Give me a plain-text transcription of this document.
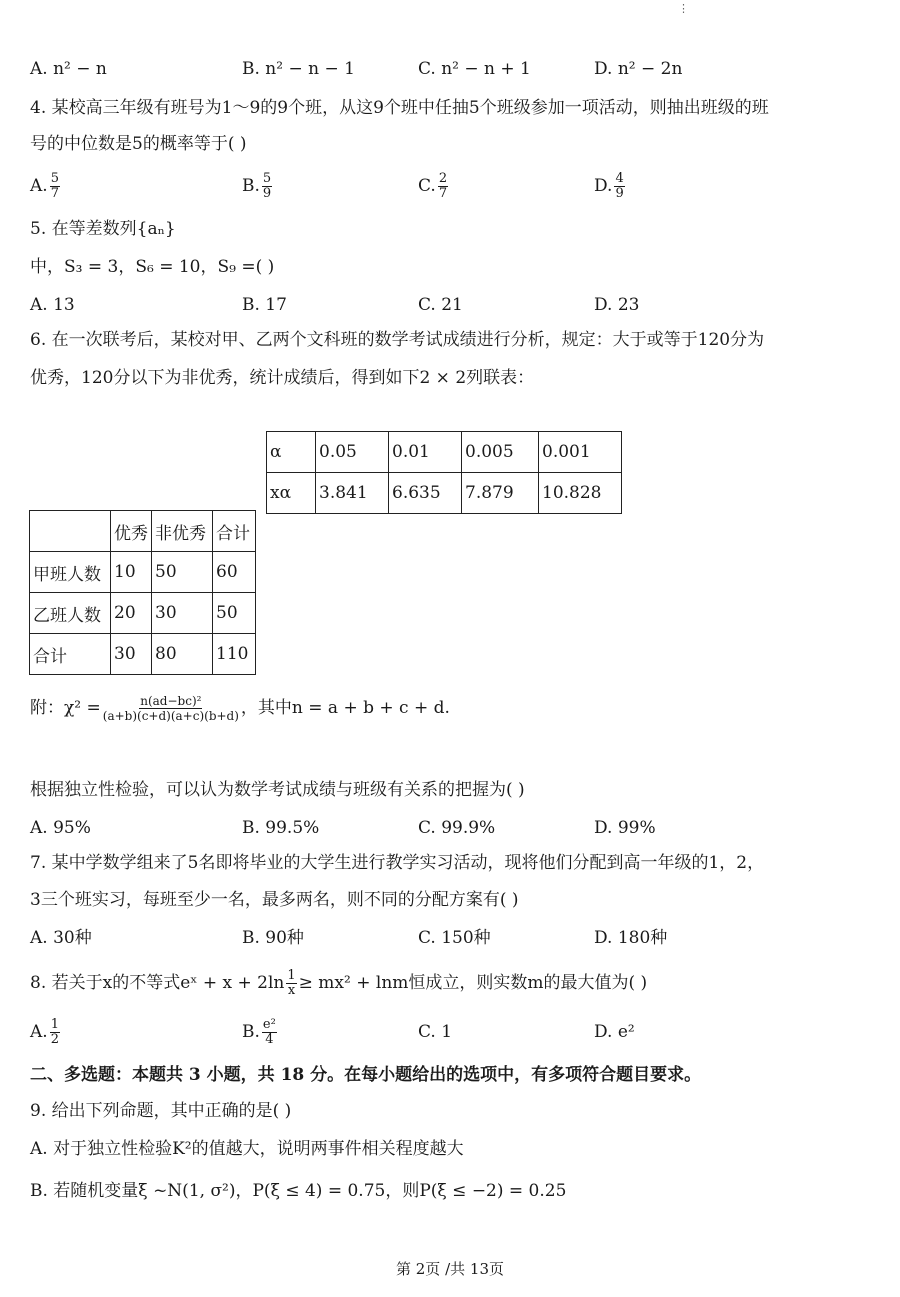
⋮
A. n² − n	B. n² − n − 1	C. n² − n + 1	D. n² − 2n
4. 某校高三年级有班号为1～9的9个班，从这9个班中任抽5个班级参加一项活动，则抽出班级的班
号的中位数是5的概率等于( )
A. $\frac{5}{7}$	B. $\frac{5}{9}$	C. $\frac{2}{7}$	D. $\frac{4}{9}$
5. 在等差数列{aₙ}
中，S₃ = 3，S₆ = 10，S₉ =( )
A. 13	B. 17	C. 21	D. 23
6. 在一次联考后，某校对甲、乙两个文科班的数学考试成绩进行分析，规定：大于或等于120分为
优秀，120分以下为非优秀，统计成绩后，得到如下2 × 2列联表：
α	0.05	0.01	0.005	0.001
xα	3.841	6.635	7.879	10.828
	优秀	非优秀	合计
甲班人数	10	50	60
乙班人数	20	30	50
合计	30	80	110
附：$\chi^2 = \frac{\text{n(ad−bc)²}}{(a+b)(c+d)(a+c)(b+d)}$ ，其中n = a + b + c + d.
根据独立性检验，可以认为数学考试成绩与班级有关系的把握为( )
A. 95%	B. 99.5%	C. 99.9%	D. 99%
7. 某中学数学组来了5名即将毕业的大学生进行教学实习活动，现将他们分配到高一年级的1，2，
3三个班实习，每班至少一名，最多两名，则不同的分配方案有( )
A. 30种	B. 90种	C. 150种	D. 180种
8. 若关于x的不等式eˣ + $x + 2\ln \frac{1}{x} \ge mx^2 + \ln m$恒成立，则实数m的最大值为( )
A. $\frac{1}{2}$	B. $\frac{\text{e²}}{4}$	C. 1	D. e²
二、多选题：本题共 3 小题，共 18 分。在每小题给出的选项中，有多项符合题目要求。
9. 给出下列命题，其中正确的是( )
A. 对于独立性检验K²的值越大，说明两事件相关程度越大
B. 若随机变量ξ ~N(1, σ²)，P(ξ ≤ 4) = 0.75，则P(ξ ≤ −2) = 0.25
第 2页 /共 13页
